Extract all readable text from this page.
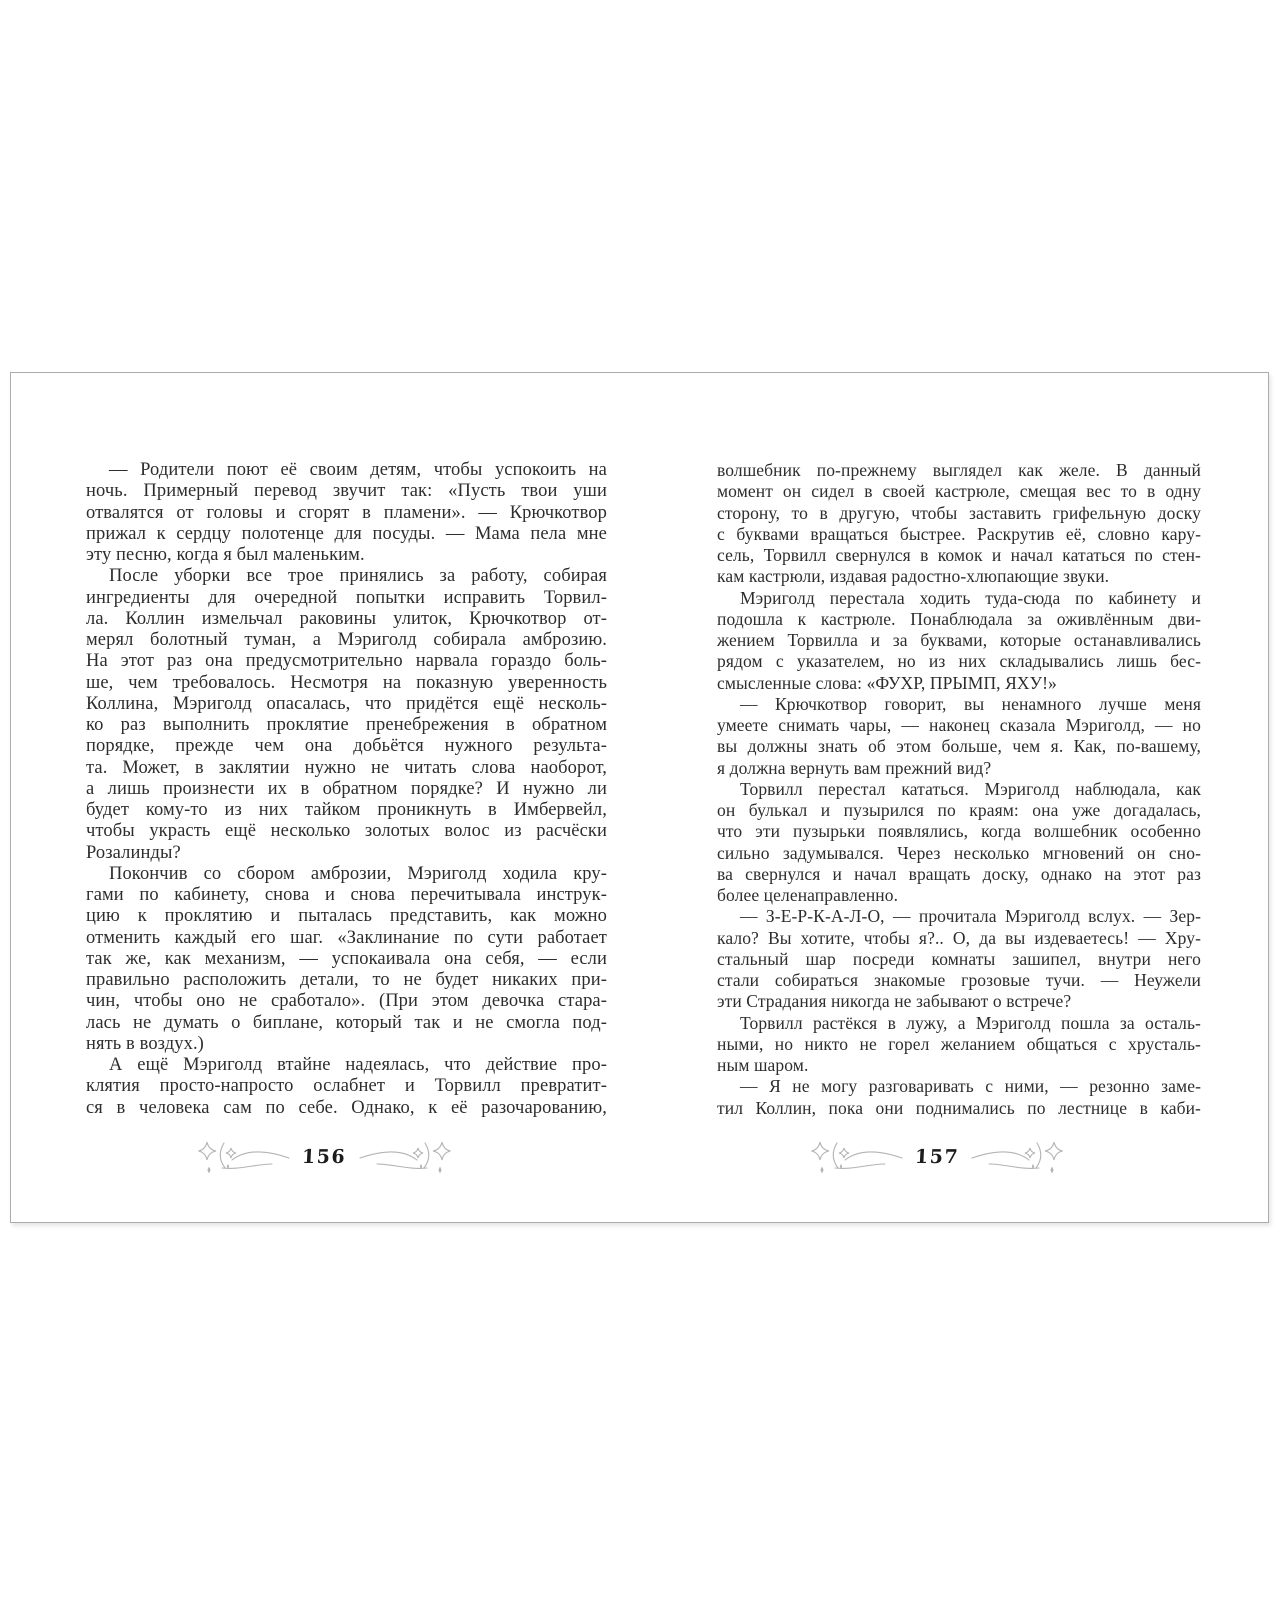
— Родители поют её своим детям, чтобы успокоить на
ночь. Примерный перевод звучит так: «Пусть твои уши
отвалятся от головы и сгорят в пламени». — Крючкотвор
прижал к сердцу полотенце для посуды. — Мама пела мне
эту песню, когда я был маленьким.
После уборки все трое принялись за работу, собирая
ингредиенты для очередной попытки исправить Торвил-
ла. Коллин измельчал раковины улиток, Крючкотвор от-
мерял болотный туман, а Мэриголд собирала амброзию.
На этот раз она предусмотрительно нарвала гораздо боль-
ше, чем требовалось. Несмотря на показную уверенность
Коллина, Мэриголд опасалась, что придётся ещё несколь-
ко раз выполнить проклятие пренебрежения в обратном
порядке, прежде чем она добьётся нужного результа-
та. Может, в заклятии нужно не читать слова наоборот,
а лишь произнести их в обратном порядке? И нужно ли
будет кому-то из них тайком проникнуть в Имбервейл,
чтобы украсть ещё несколько золотых волос из расчёски
Розалинды?
Покончив со сбором амброзии, Мэриголд ходила кру-
гами по кабинету, снова и снова перечитывала инструк-
цию к проклятию и пыталась представить, как можно
отменить каждый его шаг. «Заклинание по сути работает
так же, как механизм, — успокаивала она себя, — если
правильно расположить детали, то не будет никаких при-
чин, чтобы оно не сработало». (При этом девочка стара-
лась не думать о биплане, который так и не смогла под-
нять в воздух.)
А ещё Мэриголд втайне надеялась, что действие про-
клятия просто-напросто ослабнет и Торвилл превратит-
ся в человека сам по себе. Однако, к её разочарованию,
156
волшебник по-прежнему выглядел как желе. В данный
момент он сидел в своей кастрюле, смещая вес то в одну
сторону, то в другую, чтобы заставить грифельную доску
с буквами вращаться быстрее. Раскрутив её, словно кару-
сель, Торвилл свернулся в комок и начал кататься по стен-
кам кастрюли, издавая радостно-хлюпающие звуки.
Мэриголд перестала ходить туда-сюда по кабинету и
подошла к кастрюле. Понаблюдала за оживлённым дви-
жением Торвилла и за буквами, которые останавливались
рядом с указателем, но из них складывались лишь бес-
смысленные слова: «ФУХР, ПРЫМП, ЯХУ!»
— Крючкотвор говорит, вы ненамного лучше меня
умеете снимать чары, — наконец сказала Мэриголд, — но
вы должны знать об этом больше, чем я. Как, по-вашему,
я должна вернуть вам прежний вид?
Торвилл перестал кататься. Мэриголд наблюдала, как
он булькал и пузырился по краям: она уже догадалась,
что эти пузырьки появлялись, когда волшебник особенно
сильно задумывался. Через несколько мгновений он сно-
ва свернулся и начал вращать доску, однако на этот раз
более целенаправленно.
— З-Е-Р-К-А-Л-О, — прочитала Мэриголд вслух. — Зер-
кало? Вы хотите, чтобы я?.. О, да вы издеваетесь! — Хру-
стальный шар посреди комнаты зашипел, внутри него
стали собираться знакомые грозовые тучи. — Неужели
эти Страдания никогда не забывают о встрече?
Торвилл растёкся в лужу, а Мэриголд пошла за осталь-
ными, но никто не горел желанием общаться с хрусталь-
ным шаром.
— Я не могу разговаривать с ними, — резонно заме-
тил Коллин, пока они поднимались по лестнице в каби-
157
